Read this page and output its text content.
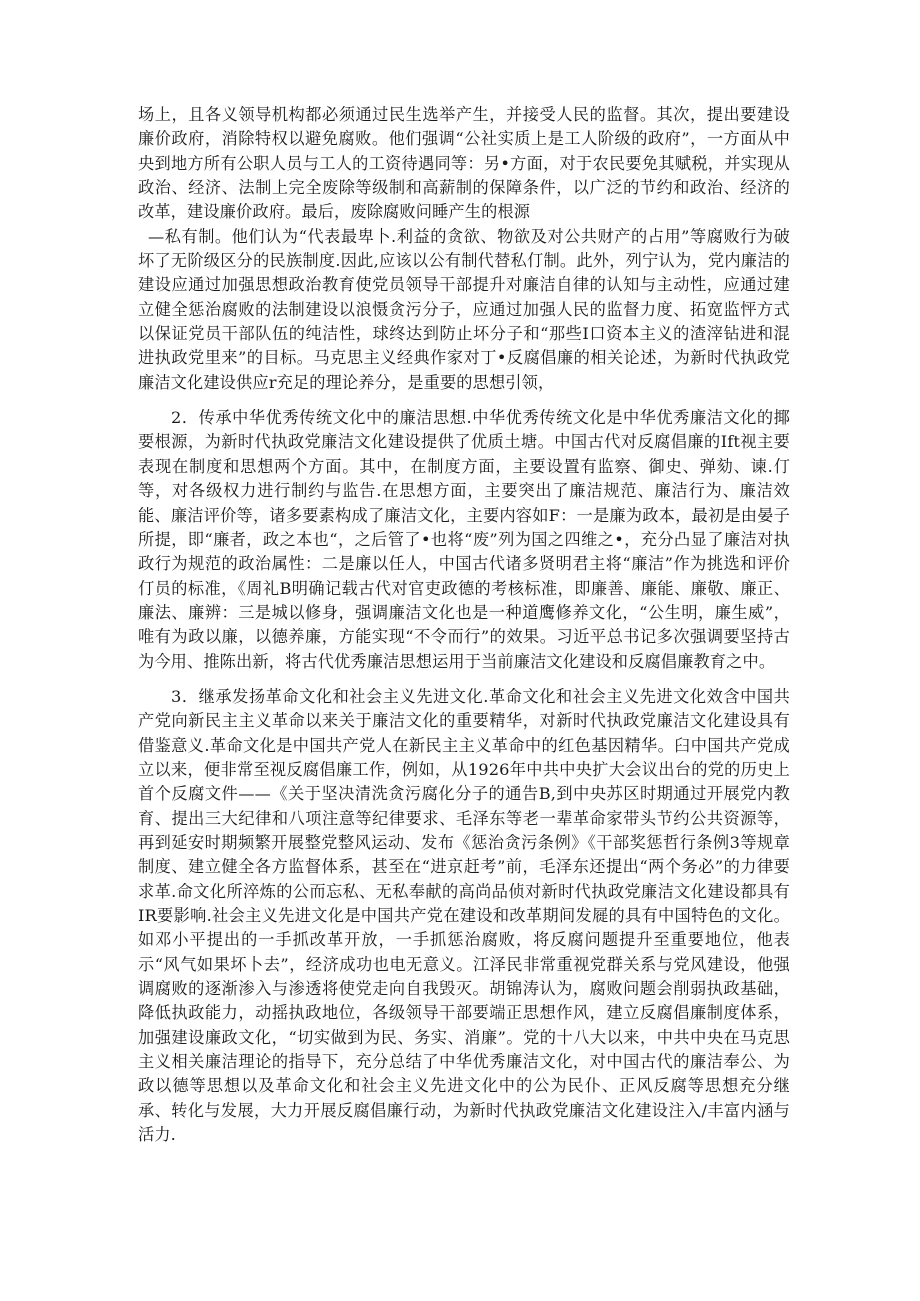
场上，且各义领导机构都必须通过民生选举产生，并接受人民的监督。其次，提出要建设廉价政府，消除特权以避免腐败。他们强调“公社实质上是工人阶级的政府”，一方面从中央到地方所有公职人员与工人的工资待遇同等：另•方面，对于农民要免其赋税，并实现从政治、经济、法制上完全废除等级制和高薪制的保障条件，以广泛的节约和政治、经济的改革，建设廉价政府。最后，废除腐败问睡产生的根源

—私有制。他们认为“代表最卑卜.利益的贪欲、物欲及对公共财产的占用”等腐败行为破坏了无阶级区分的民族制度.因此,应该以公有制代替私仃制。此外，列宁认为，党内廉洁的建设应通过加强思想政治教育使党员领导干部提升对廉洁自律的认知与主动性，应通过建立健全惩治腐败的法制建设以浪慑贪污分子，应通过加强人民的监督力度、拓宽监怦方式以保证党员干部队伍的纯洁性，球终达到防止坏分子和“那些I口资本主义的渣滓钻进和混进执政党里来”的目标。马克思主义经典作家对丁•反腐倡廉的相关论述，为新时代执政党廉洁文化建设供应r充足的理论养分，是重要的思想引领，

2．传承中华优秀传统文化中的廉洁思想.中华优秀传统文化是中华优秀廉洁文化的揶要根源，为新时代执政党廉洁文化建设提供了优质土塘。中国古代对反腐倡廉的Ift视主要表现在制度和思想两个方面。其中，在制度方面，主要设置有监察、御史、弹劾、谏.仃等，对各级权力进行制约与监告.在思想方面，主要突出了廉洁规范、廉洁行为、廉洁效能、廉洁评价等，诸多要素构成了廉洁文化，主要内容如F：一是廉为政本，最初是由晏子所提，即“廉者，政之本也“，之后管了•也将“废”列为国之四维之•，充分凸显了廉洁对执政行为规范的政治属性：二是廉以任人，中国古代诸多贤明君主将“廉洁”作为挑选和评价仃员的标准，《周礼B明确记载古代对官吏政德的考核标准，即廉善、廉能、廉敬、廉正、廉法、廉辨：三是城以修身，强调廉洁文化也是一种道鹰修养文化，“公生明，廉生威”，唯有为政以廉，以德养廉，方能实现“不令而行”的效果。习近平总书记多次强调要坚持古为今用、推陈出新，将古代优秀廉洁思想运用于当前廉洁文化建设和反腐倡廉教育之中。

3．继承发扬革命文化和社会主义先进文化.革命文化和社会主义先进文化效含中国共产党向新民主主义革命以来关于廉洁文化的重要精华，对新时代执政党廉洁文化建设具有借鉴意义.革命文化是中国共产党人在新民主主义革命中的红色基因精华。臼中国共产党成立以来，便非常至视反腐倡廉工作，例如，从1926年中共中央扩大会议出台的党的历史上首个反腐文件——《关于坚决清洗贪污腐化分子的通告B,到中央苏区时期通过开展党内教育、提出三大纪律和八项注意等纪律要求、毛泽东等老一辈革命家带头节约公共资源等，再到延安时期频繁开展整党整风运动、发布《惩治贪污条例》《干部奖惩哲行条例3等规章制度、建立健全各方监督体系，甚至在“进京赶考”前，毛泽东还提出“两个务必”的力律要求革.命文化所淬炼的公而忘私、无私奉献的高尚品侦对新时代执政党廉洁文化建设都具有IR要影响.社会主义先进文化是中国共产党在建设和改革期间发屣的具有中国特色的文化。如邓小平提出的一手抓改革开放，一手抓惩治腐败，将反腐问题提升至重要地位，他表示“风气如果坏卜去”，经济成功也电无意义。江泽民非常重视党群关系与党风建设，他强调腐败的逐渐渗入与渗透将使党走向自我毁灭。胡锦涛认为，腐败问题会削弱执政基础，降低执政能力，动摇执政地位，各级领导干部要端正思想作风，建立反腐倡廉制度体系，加强建设廉政文化，“切实做到为民、务实、消廉”。党的十八大以来，中共中央在马克思主义相关廉洁理论的指导下，充分总结了中华优秀廉洁文化，对中国古代的廉洁奉公、为政以德等思想以及革命文化和社会主义先进文化中的公为民仆、正风反腐等思想充分继承、转化与发展，大力开展反腐倡廉行动，为新时代执政党廉洁文化建设注入/丰富内涵与活力.
